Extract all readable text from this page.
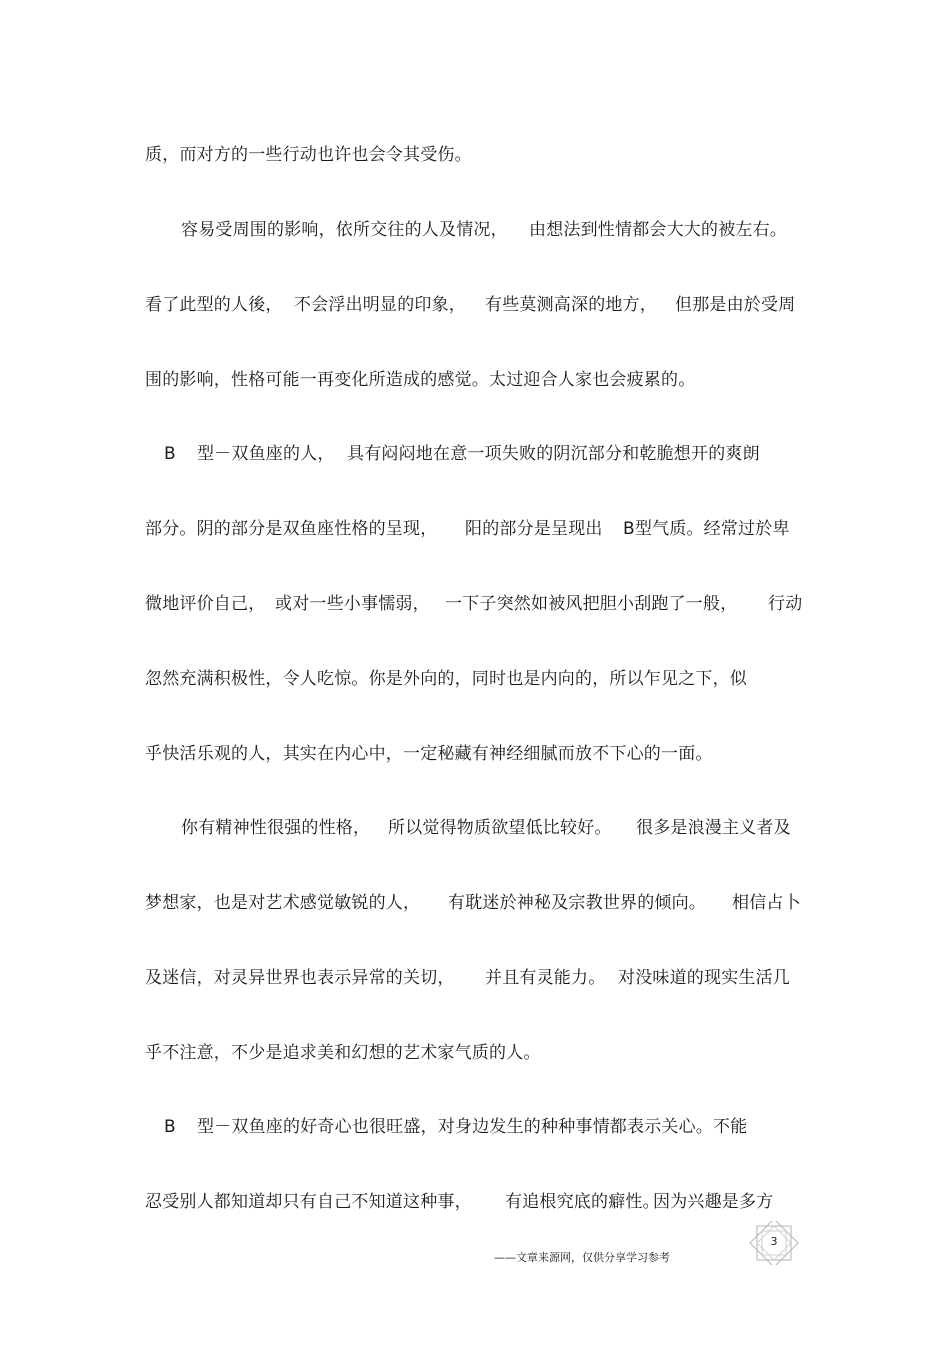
质，而对方的一些行动也许也会令其受伤。

容易受周围的影响，依所交往的人及情况，

由想法到性情都会大大的被左右。

看了此型的人後，

不会浮出明显的印象，

有些莫测高深的地方，

但那是由於受周

围的影响，性格可能一再变化所造成的感觉。太过迎合人家也会疲累的。

B

型－双鱼座的人，

具有闷闷地在意一项失败的阴沉部分和乾脆想开的爽朗

部分。阴的部分是双鱼座性格的呈现，

阳的部分是呈现出

B型气质。经常过於卑

微地评价自己，

或对一些小事懦弱，

一下子突然如被风把胆小刮跑了一般，

行动

忽然充满积极性，令人吃惊。你是外向的，同时也是内向的，所以乍见之下，似

乎快活乐观的人，其实在内心中，一定秘藏有神经细腻而放不下心的一面。

你有精神性很强的性格，

所以觉得物质欲望低比较好。

很多是浪漫主义者及

梦想家，也是对艺术感觉敏锐的人，

有耽迷於神秘及宗教世界的倾向。

相信占卜

及迷信，对灵异世界也表示异常的关切，

并且有灵能力。

对没味道的现实生活几

乎不注意，不少是追求美和幻想的艺术家气质的人。

B

型－双鱼座的好奇心也很旺盛，对身边发生的种种事情都表示关心。不能

忍受别人都知道却只有自己不知道这种事，

有追根究底的癖性。

因为兴趣是多方

3
——文章来源网，仅供分享学习参考
